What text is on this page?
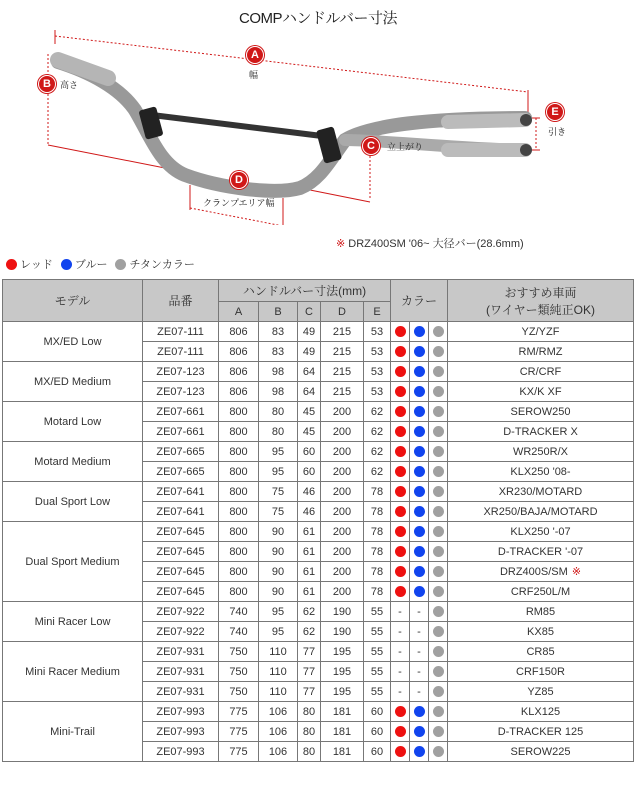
COMPハンドルバー寸法
A
幅
B	高さ
C	立上がり
D
クランプエリア幅
E
引き
※ DRZ400SM '06~ 大径バー(28.6mm)
レッド ブルー チタンカラー
モデル	品番	ハンドルバー寸法(mm)					カラー			おすすめ車両
(ワイヤー類純正OK)

		A	B	C	D	E				
MX/ED Low	ZE07-111	806	83	49	215	53				YZ/YZF
	ZE07-111	806	83	49	215	53				RM/RMZ
MX/ED Medium	ZE07-123	806	98	64	215	53				CR/CRF
	ZE07-123	806	98	64	215	53				KX/K XF
Motard Low	ZE07-661	800	80	45	200	62				SEROW250
	ZE07-661	800	80	45	200	62				D-TRACKER X
Motard Medium	ZE07-665	800	95	60	200	62				WR250R/X
	ZE07-665	800	95	60	200	62				KLX250 '08-
Dual Sport Low	ZE07-641	800	75	46	200	78				XR230/MOTARD
	ZE07-641	800	75	46	200	78				XR250/BAJA/MOTARD
Dual Sport Medium	ZE07-645	800	90	61	200	78				KLX250 '-07
	ZE07-645	800	90	61	200	78				D-TRACKER '-07
	ZE07-645	800	90	61	200	78				DRZ400S/SM ※
	ZE07-645	800	90	61	200	78				CRF250L/M
Mini Racer Low	ZE07-922	740	95	62	190	55	-	-		RM85
	ZE07-922	740	95	62	190	55	-	-		KX85
Mini Racer Medium	ZE07-931	750	110	77	195	55	-	-		CR85
	ZE07-931	750	110	77	195	55	-	-		CRF150R
	ZE07-931	750	110	77	195	55	-	-		YZ85
Mini-Trail	ZE07-993	775	106	80	181	60				KLX125
	ZE07-993	775	106	80	181	60				D-TRACKER 125
	ZE07-993	775	106	80	181	60				SEROW225
